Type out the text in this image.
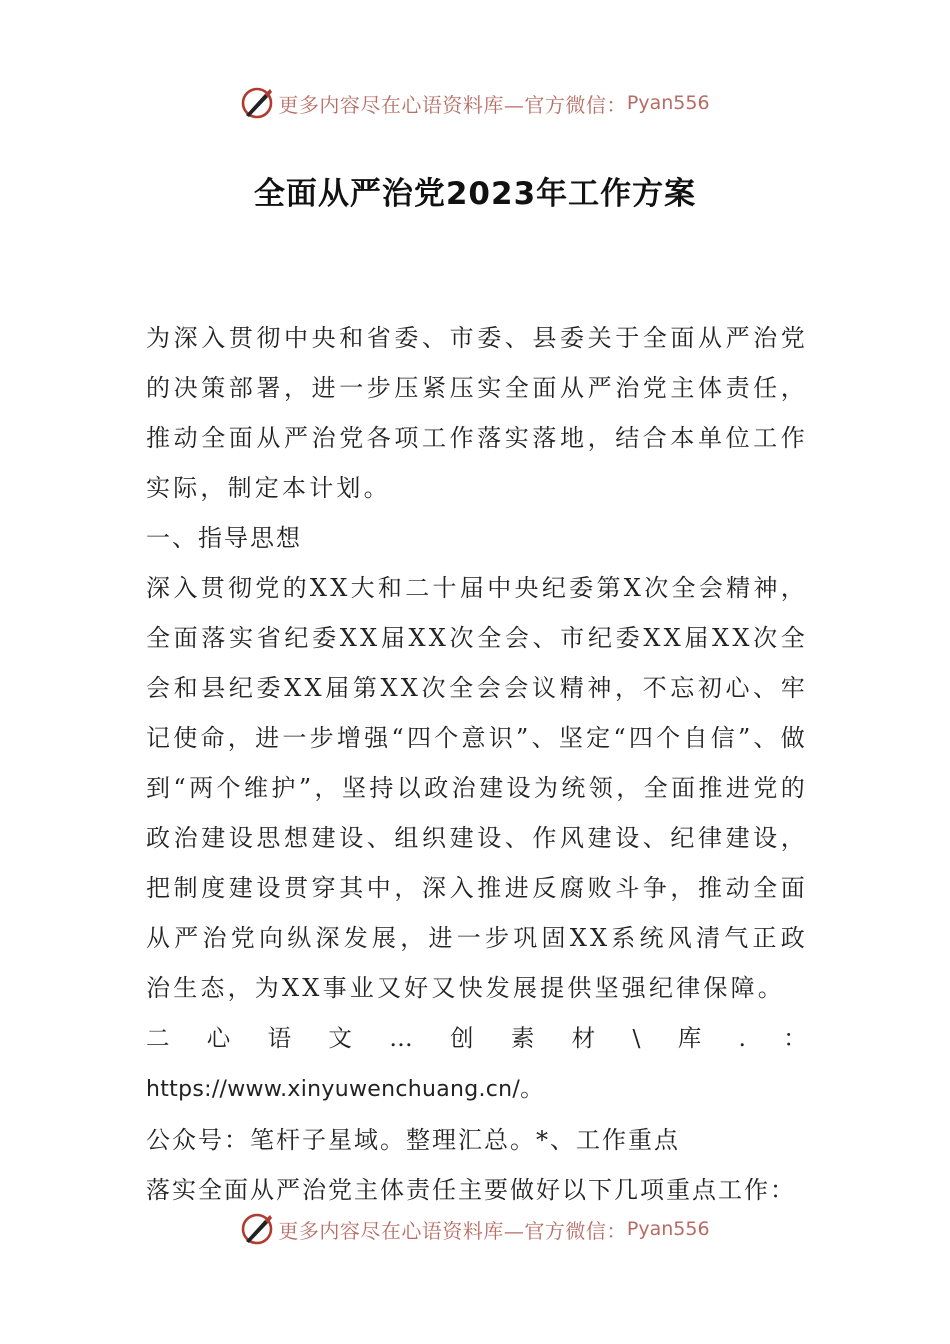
更多内容尽在心语资料库—官方微信： Pyan556
全面从严治党2023年工作方案

为深入贯彻中央和省委、市委、县委关于全面从严治党的决策部署，进一步压紧压实全面从严治党主体责任，推动全面从严治党各项工作落实落地，结合本单位工作实际，制定本计划。

一、指导思想

深入贯彻党的XX大和二十届中央纪委第X次全会精神，全面落实省纪委XX届XX次全会、市纪委XX届XX次全会和县纪委XX届第XX次全会会议精神，不忘初心、牢记使命，进一步增强“四个意识”、坚定“四个自信”、做到“两个维护”，坚持以政治建设为统领，全面推进党的政治建设思想建设、组织建设、作风建设、纪律建设，把制度建设贯穿其中，深入推进反腐败斗争，推动全面从严治党向纵深发展，进一步巩固XX系统风清气正政治生态，为XX事业又好又快发展提供坚强纪律保障。

二心语文…创素材\库.：https://www.xinyuwenchuang.cn/。

公众号：笔杆子星域。整理汇总。*、工作重点

落实全面从严治党主体责任主要做好以下几项重点工作：

更多内容尽在心语资料库—官方微信： Pyan556
